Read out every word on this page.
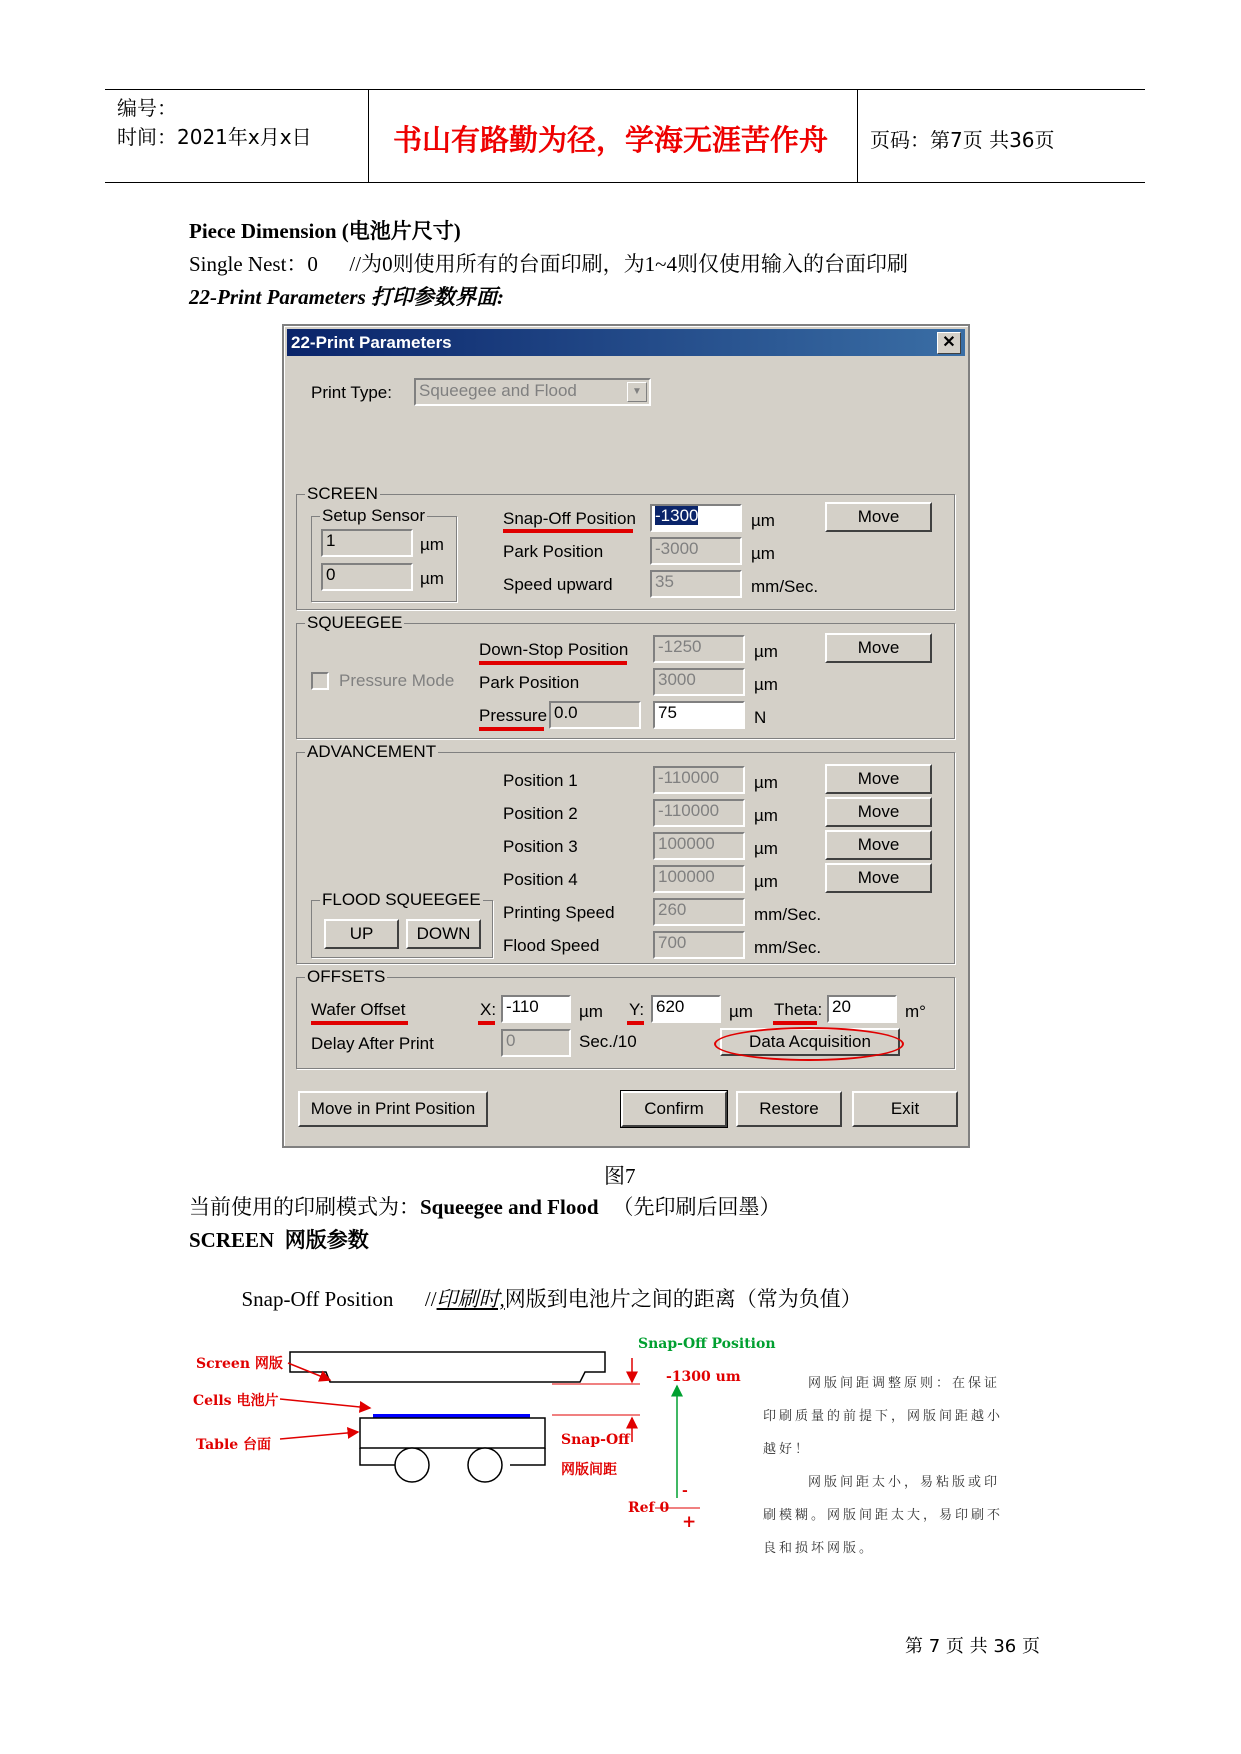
编号：
时间：2021年x月x日	书山有路勤为径，学海无涯苦作舟 页码：第7页 共36页
Piece Dimension (电池片尺寸)
Single Nest：0      //为0则使用所有的台面印刷，为1~4则仅使用输入的台面印刷
22-Print Parameters 打印参数界面:
22-Print Parameters	✕
Print Type: Squeegee and Flood	▼
SCREEN
Setup Sensor
1	µm
0	µm
Snap-Off Position -1300	µm	Move
Park Position	-3000	µm
Speed upward 35	mm/Sec.
SQUEEGEE
Pressure Mode
Down-Stop Position -1250	µm	Move
Park Position	3000	µm
Pressure 0.0	75	N
ADVANCEMENT
Position 1	-110000	µm	Move
Position 2	-110000	µm	Move
Position 3	100000	µm	Move
Position 4	100000	µm	Move
Printing Speed	260	mm/Sec.
Flood Speed	700	mm/Sec.
FLOOD SQUEEGEE
UP	DOWN
OFFSETS
Wafer Offset	X: -110	µm Y: 620	µm Theta: 20	m°
Delay After Print	0	Sec./10	Data Acquisition
Move in Print Position	Confirm	Restore	Exit
图7
当前使用的印刷模式为：Squeegee and Flood （先印刷后回墨）
SCREEN  网版参数

Snap-Off Position      //印刷时,网版到电池片之间的距离（常为负值）

Screen 网版
Cells 电池片
Table 台面
Snap-Off Position
-1300 um
Snap-Off
网版间距
Ref 0
-
+
网版间距调整原则：在保证
印刷质量的前提下，网版间距越小
越好！
网版间距太小，易粘版或印
刷模糊。网版间距太大，易印刷不
良和损坏网版。
第 7 页 共 36 页
